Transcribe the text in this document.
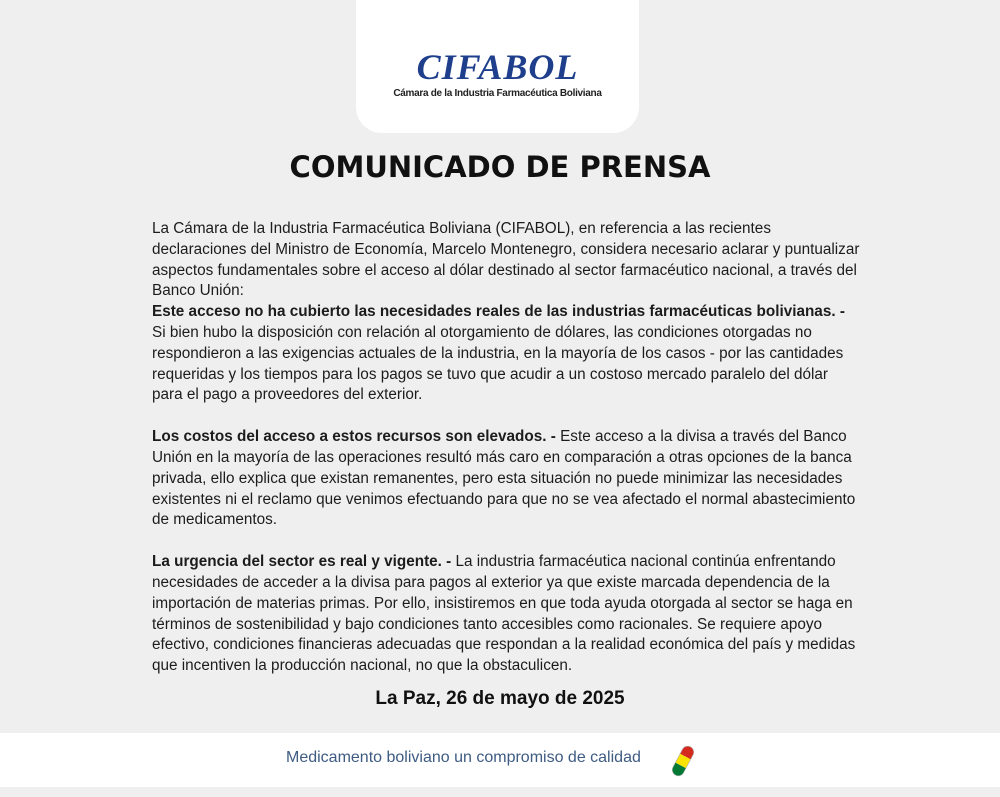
CIFABOL
Cámara de la Industria Farmacéutica Boliviana
COMUNICADO DE PRENSA

La Cámara de la Industria Farmacéutica Boliviana (CIFABOL), en referencia a las recientes declaraciones del Ministro de Economía, Marcelo Montenegro, considera necesario aclarar y puntualizar aspectos fundamentales sobre el acceso al dólar destinado al sector farmacéutico nacional, a través del Banco Unión:

Este acceso no ha cubierto las necesidades reales de las industrias farmacéuticas bolivianas. - Si bien hubo la disposición con relación al otorgamiento de dólares, las condiciones otorgadas no respondieron a las exigencias actuales de la industria, en la mayoría de los casos - por las cantidades requeridas y los tiempos para los pagos se tuvo que acudir a un costoso mercado paralelo del dólar para el pago a proveedores del exterior.

Los costos del acceso a estos recursos son elevados. - Este acceso a la divisa a través del Banco Unión en la mayoría de las operaciones resultó más caro en comparación a otras opciones de la banca privada, ello explica que existan remanentes, pero esta situación no puede minimizar las necesidades existentes ni el reclamo que venimos efectuando para que no se vea afectado el normal abastecimiento de medicamentos.

La urgencia del sector es real y vigente. - La industria farmacéutica nacional continúa enfrentando necesidades de acceder a la divisa para pagos al exterior ya que existe marcada dependencia de la importación de materias primas. Por ello, insistiremos en que toda ayuda otorgada al sector se haga en términos de sostenibilidad y bajo condiciones tanto accesibles como racionales. Se requiere apoyo efectivo, condiciones financieras adecuadas que respondan a la realidad económica del país y medidas que incentiven la producción nacional, no que la obstaculicen.

La Paz, 26 de mayo de 2025
Medicamento boliviano un compromiso de calidad
